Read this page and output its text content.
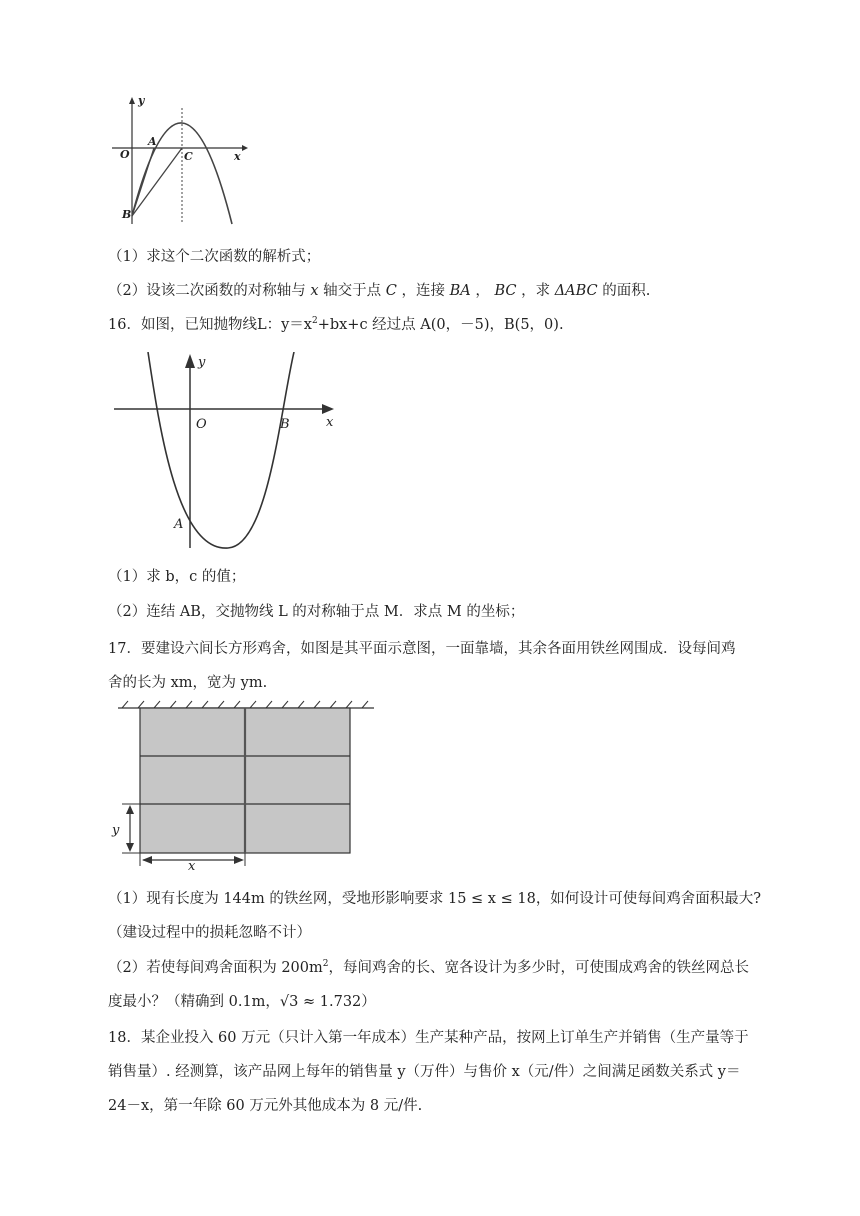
y
x
O
A
C
B
（1）求这个二次函数的解析式；
（2）设该二次函数的对称轴与 x 轴交于点 C ，连接 BA ， BC ，求 ΔABC 的面积.
16．如图，已知抛物线L：$y=x^2+bx+c$ 经过点 A(0，－5)，B(5，0).
y
x
O	B
A
（1）求 b，c 的值；
（2）连结 AB，交抛物线 L 的对称轴于点 M．求点 M 的坐标；
17．要建设六间长方形鸡舍，如图是其平面示意图，一面靠墙，其余各面用铁丝网围成．设每间鸡
舍的长为 xm，宽为 ym.
y
x
（1）现有长度为 144m 的铁丝网，受地形影响要求 15 ≤ x ≤ 18，如何设计可使每间鸡舍面积最大?
（建设过程中的损耗忽略不计）
（2）若使每间鸡舍面积为 $200m^2$，每间鸡舍的长、宽各设计为多少时，可使围成鸡舍的铁丝网总长
度最小？（精确到 0.1m，√3 ≈ 1.732）
18．某企业投入 60 万元（只计入第一年成本）生产某种产品，按网上订单生产并销售（生产量等于
销售量）. 经测算，该产品网上每年的销售量 y（万件）与售价 x（元/件）之间满足函数关系式 y＝
24－x，第一年除 60 万元外其他成本为 8 元/件.
